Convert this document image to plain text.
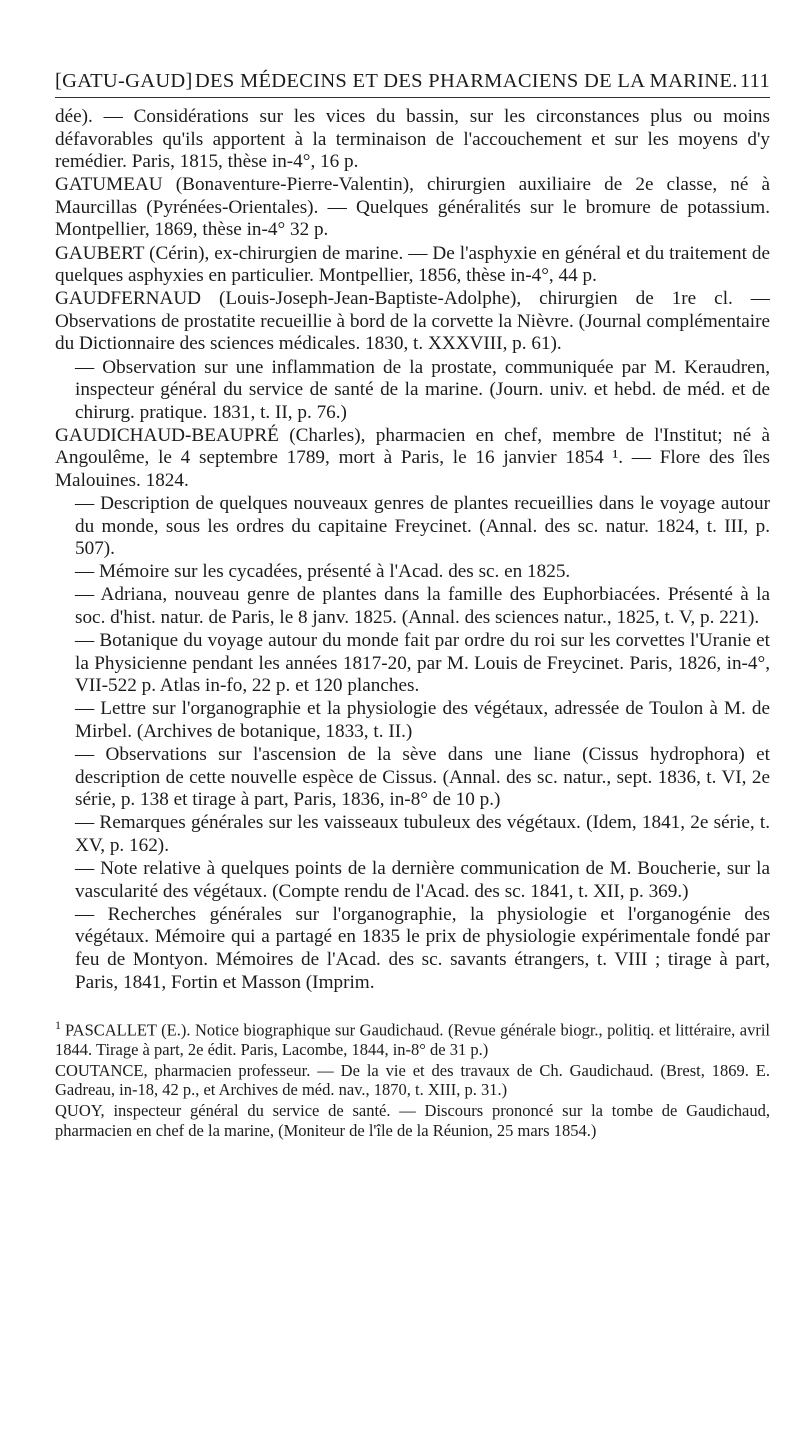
[GATU-GAUD] DES MÉDECINS ET DES PHARMACIENS DE LA MARINE. 111

dée). — Considérations sur les vices du bassin, sur les circonstances plus ou moins défavorables qu'ils apportent à la terminaison de l'accouchement et sur les moyens d'y remédier. Paris, 1815, thèse in-4°, 16 p.

GATUMEAU (Bonaventure-Pierre-Valentin), chirurgien auxiliaire de 2e classe, né à Maurcillas (Pyrénées-Orientales). — Quelques généralités sur le bromure de potassium. Montpellier, 1869, thèse in-4° 32 p.

GAUBERT (Cérin), ex-chirurgien de marine. — De l'asphyxie en général et du traitement de quelques asphyxies en particulier. Montpellier, 1856, thèse in-4°, 44 p.

GAUDFERNAUD (Louis-Joseph-Jean-Baptiste-Adolphe), chirurgien de 1re cl. — Observations de prostatite recueillie à bord de la corvette la Nièvre. (Journal complémentaire du Dictionnaire des sciences médicales. 1830, t. XXXVIII, p. 61).

— Observation sur une inflammation de la prostate, communiquée par M. Keraudren, inspecteur général du service de santé de la marine. (Journ. univ. et hebd. de méd. et de chirurg. pratique. 1831, t. II, p. 76.)

GAUDICHAUD-BEAUPRÉ (Charles), pharmacien en chef, membre de l'Institut; né à Angoulême, le 4 septembre 1789, mort à Paris, le 16 janvier 1854 ¹. — Flore des îles Malouines. 1824.

— Description de quelques nouveaux genres de plantes recueillies dans le voyage autour du monde, sous les ordres du capitaine Freycinet. (Annal. des sc. natur. 1824, t. III, p. 507).

— Mémoire sur les cycadées, présenté à l'Acad. des sc. en 1825.

— Adriana, nouveau genre de plantes dans la famille des Euphorbiacées. Présenté à la soc. d'hist. natur. de Paris, le 8 janv. 1825. (Annal. des sciences natur., 1825, t. V, p. 221).

— Botanique du voyage autour du monde fait par ordre du roi sur les corvettes l'Uranie et la Physicienne pendant les années 1817-20, par M. Louis de Freycinet. Paris, 1826, in-4°, VII-522 p. Atlas in-fo, 22 p. et 120 planches.

— Lettre sur l'organographie et la physiologie des végétaux, adressée de Toulon à M. de Mirbel. (Archives de botanique, 1833, t. II.)

— Observations sur l'ascension de la sève dans une liane (Cissus hydrophora) et description de cette nouvelle espèce de Cissus. (Annal. des sc. natur., sept. 1836, t. VI, 2e série, p. 138 et tirage à part, Paris, 1836, in-8° de 10 p.)

— Remarques générales sur les vaisseaux tubuleux des végétaux. (Idem, 1841, 2e série, t. XV, p. 162).

— Note relative à quelques points de la dernière communication de M. Boucherie, sur la vascularité des végétaux. (Compte rendu de l'Acad. des sc. 1841, t. XII, p. 369.)

— Recherches générales sur l'organographie, la physiologie et l'organogénie des végétaux. Mémoire qui a partagé en 1835 le prix de physiologie expérimentale fondé par feu de Montyon. Mémoires de l'Acad. des sc. savants étrangers, t. VIII ; tirage à part, Paris, 1841, Fortin et Masson (Imprim.

$^1$ PASCALLET (E.). Notice biographique sur Gaudichaud. (Revue générale biogr., politiq. et littéraire, avril 1844. Tirage à part, 2e édit. Paris, Lacombe, 1844, in-8° de 31 p.)

COUTANCE, pharmacien professeur. — De la vie et des travaux de Ch. Gaudichaud. (Brest, 1869. E. Gadreau, in-18, 42 p., et Archives de méd. nav., 1870, t. XIII, p. 31.)

QUOY, inspecteur général du service de santé. — Discours prononcé sur la tombe de Gaudichaud, pharmacien en chef de la marine, (Moniteur de l'île de la Réunion, 25 mars 1854.)
